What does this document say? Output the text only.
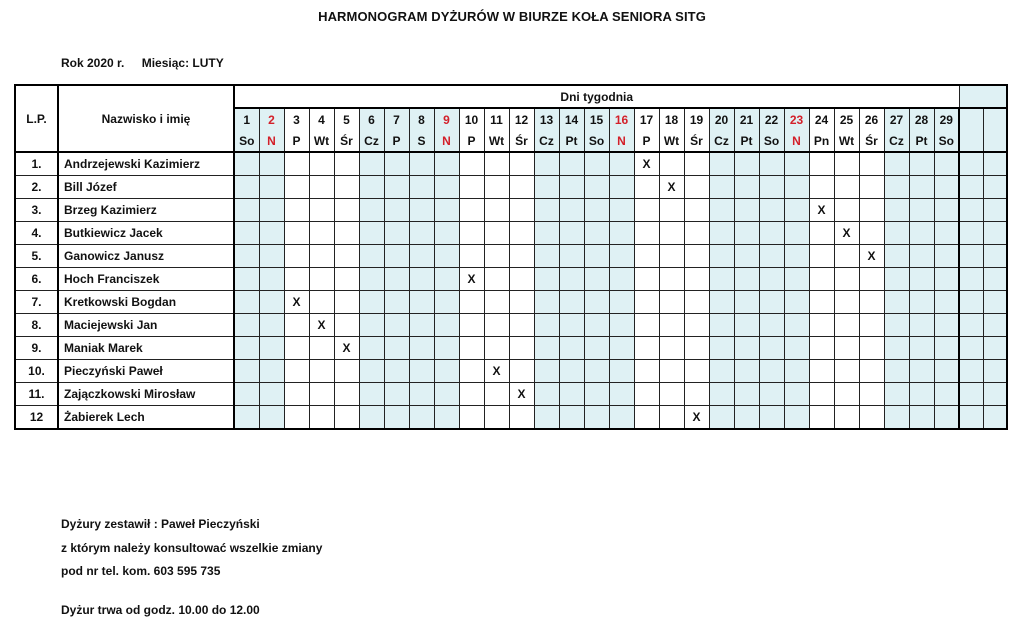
HARMONOGRAM DYŻURÓW W BIURZE KOŁA SENIORA SITG
Rok 2020 r. Miesiąc: LUTY
L.P.	Nazwisko i imię	Dni tygodnia																														
		1	2	3	4	5	6	7	8	9	10	11	12	13	14	15	16	17	18	19	20	21	22	23	24	25	26	27	28	29		
		So	N	P	Wt	Śr	Cz	P	S	N	P	Wt	Śr	Cz	Pt	So	N	P	Wt	Śr	Cz	Pt	So	N	Pn	Wt	Śr	Cz	Pt	So		
1.	Andrzejewski Kazimierz																	X														
2.	Bill Józef																		X													
3.	Brzeg Kazimierz																								X							
4.	Butkiewicz Jacek																									X						
5.	Ganowicz Janusz																										X					
6.	Hoch Franciszek										X																					
7.	Kretkowski Bogdan			X																												
8.	Maciejewski Jan				X																											
9.	Maniak Marek					X																										
10.	Pieczyński Paweł											X																				
11.	Zajączkowski Mirosław												X																			
12	Żabierek Lech																			X												
Dyżury zestawił : Paweł Pieczyński
z którym należy konsultować wszelkie zmiany
pod nr tel. kom. 603 595 735
Dyżur trwa od godz. 10.00 do 12.00
